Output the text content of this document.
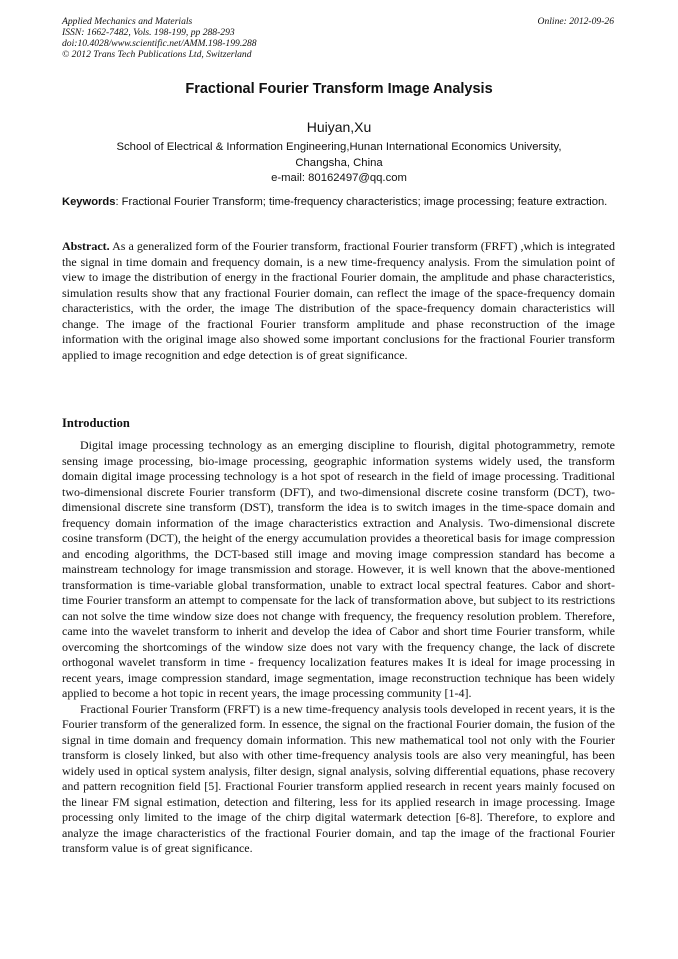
Applied Mechanics and Materials
ISSN: 1662-7482, Vols. 198-199, pp 288-293
doi:10.4028/www.scientific.net/AMM.198-199.288
© 2012 Trans Tech Publications Ltd, Switzerland
Online: 2012-09-26
Fractional Fourier Transform Image Analysis
Huiyan,Xu
School of Electrical & Information Engineering,Hunan International Economics University,
Changsha, China
e-mail: 80162497@qq.com
Keywords: Fractional Fourier Transform; time-frequency characteristics; image processing; feature extraction.
Abstract. As a generalized form of the Fourier transform, fractional Fourier transform (FRFT) ,which is integrated the signal in time domain and frequency domain, is a new time-frequency analysis. From the simulation point of view to image the distribution of energy in the fractional Fourier domain, the amplitude and phase characteristics, simulation results show that any fractional Fourier domain, can reflect the image of the space-frequency domain characteristics, with the order, the image The distribution of the space-frequency domain characteristics will change. The image of the fractional Fourier transform amplitude and phase reconstruction of the image information with the original image also showed some important conclusions for the fractional Fourier transform applied to image recognition and edge detection is of great significance.
Introduction

Digital image processing technology as an emerging discipline to flourish, digital photogrammetry, remote sensing image processing, bio-image processing, geographic information systems widely used, the transform domain digital image processing technology is a hot spot of research in the field of image processing. Traditional two-dimensional discrete Fourier transform (DFT), and two-dimensional discrete cosine transform (DCT), two-dimensional discrete sine transform (DST), transform the idea is to switch images in the time-space domain and frequency domain information of the image characteristics extraction and Analysis. Two-dimensional discrete cosine transform (DCT), the height of the energy accumulation provides a theoretical basis for image compression and encoding algorithms, the DCT-based still image and moving image compression standard has become a mainstream technology for image transmission and storage. However, it is well known that the above-mentioned transformation is time-variable global transformation, unable to extract local spectral features. Cabor and short-time Fourier transform an attempt to compensate for the lack of transformation above, but subject to its restrictions can not solve the time window size does not change with frequency, the frequency resolution problem. Therefore, came into the wavelet transform to inherit and develop the idea of Cabor and short time Fourier transform, while overcoming the shortcomings of the window size does not vary with the frequency change, the lack of discrete orthogonal wavelet transform in time - frequency localization features makes It is ideal for image processing in recent years, image compression standard, image segmentation, image reconstruction technique has been widely applied to become a hot topic in recent years, the image processing community [1-4].

Fractional Fourier Transform (FRFT) is a new time-frequency analysis tools developed in recent years, it is the Fourier transform of the generalized form. In essence, the signal on the fractional Fourier domain, the fusion of the signal in time domain and frequency domain information. This new mathematical tool not only with the Fourier transform is closely linked, but also with other time-frequency analysis tools are also very meaningful, has been widely used in optical system analysis, filter design, signal analysis, solving differential equations, phase recovery and pattern recognition field [5]. Fractional Fourier transform applied research in recent years mainly focused on the linear FM signal estimation, detection and filtering, less for its applied research in image processing. Image processing only limited to the image of the chirp digital watermark detection [6-8]. Therefore, to explore and analyze the image characteristics of the fractional Fourier domain, and tap the image of the fractional Fourier transform value is of great significance.
